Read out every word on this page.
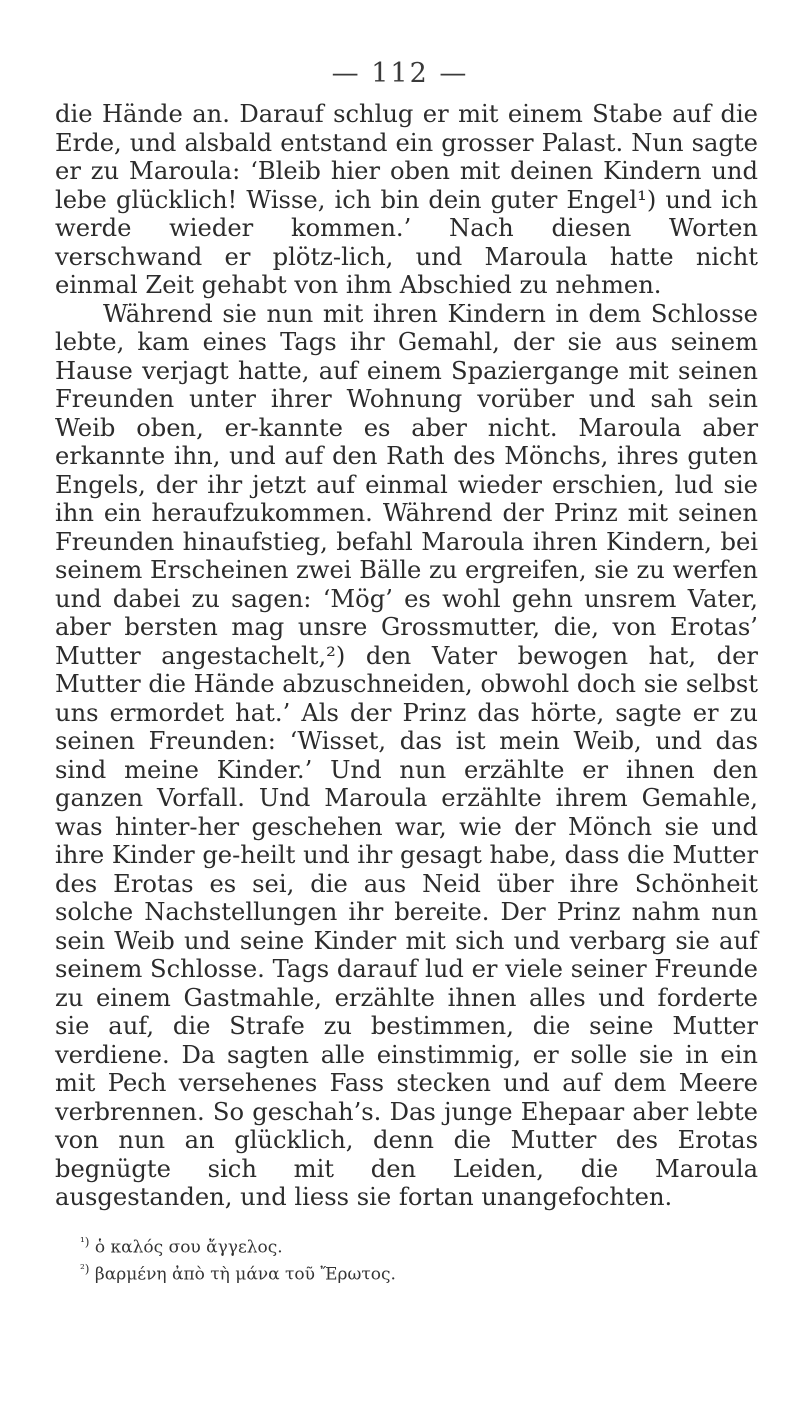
— 112 —

die Hände an. Darauf schlug er mit einem Stabe auf die Erde, und alsbald entstand ein grosser Palast. Nun sagte er zu Maroula: ‘Bleib hier oben mit deinen Kindern und lebe glücklich! Wisse, ich bin dein guter Engel¹) und ich werde wieder kommen.’ Nach diesen Worten verschwand er plötz-lich, und Maroula hatte nicht einmal Zeit gehabt von ihm Abschied zu nehmen.

Während sie nun mit ihren Kindern in dem Schlosse lebte, kam eines Tags ihr Gemahl, der sie aus seinem Hause verjagt hatte, auf einem Spaziergange mit seinen Freunden unter ihrer Wohnung vorüber und sah sein Weib oben, er-kannte es aber nicht. Maroula aber erkannte ihn, und auf den Rath des Mönchs, ihres guten Engels, der ihr jetzt auf einmal wieder erschien, lud sie ihn ein heraufzukommen. Während der Prinz mit seinen Freunden hinaufstieg, befahl Maroula ihren Kindern, bei seinem Erscheinen zwei Bälle zu ergreifen, sie zu werfen und dabei zu sagen: ‘Mög’ es wohl gehn unsrem Vater, aber bersten mag unsre Grossmutter, die, von Erotas’ Mutter angestachelt,²) den Vater bewogen hat, der Mutter die Hände abzuschneiden, obwohl doch sie selbst uns ermordet hat.’ Als der Prinz das hörte, sagte er zu seinen Freunden: ‘Wisset, das ist mein Weib, und das sind meine Kinder.’ Und nun erzählte er ihnen den ganzen Vorfall. Und Maroula erzählte ihrem Gemahle, was hinter-her geschehen war, wie der Mönch sie und ihre Kinder ge-heilt und ihr gesagt habe, dass die Mutter des Erotas es sei, die aus Neid über ihre Schönheit solche Nachstellungen ihr bereite. Der Prinz nahm nun sein Weib und seine Kinder mit sich und verbarg sie auf seinem Schlosse. Tags darauf lud er viele seiner Freunde zu einem Gastmahle, erzählte ihnen alles und forderte sie auf, die Strafe zu bestimmen, die seine Mutter verdiene. Da sagten alle einstimmig, er solle sie in ein mit Pech versehenes Fass stecken und auf dem Meere verbrennen. So geschah’s. Das junge Ehepaar aber lebte von nun an glücklich, denn die Mutter des Erotas begnügte sich mit den Leiden, die Maroula ausgestanden, und liess sie fortan unangefochten.

$^{^1)}$ ὁ καλός σου ἄγγελος.

$^{^2)}$ βαρμένη ἀπὸ τὴ μάνα τοῦ Ἔρωτος.
